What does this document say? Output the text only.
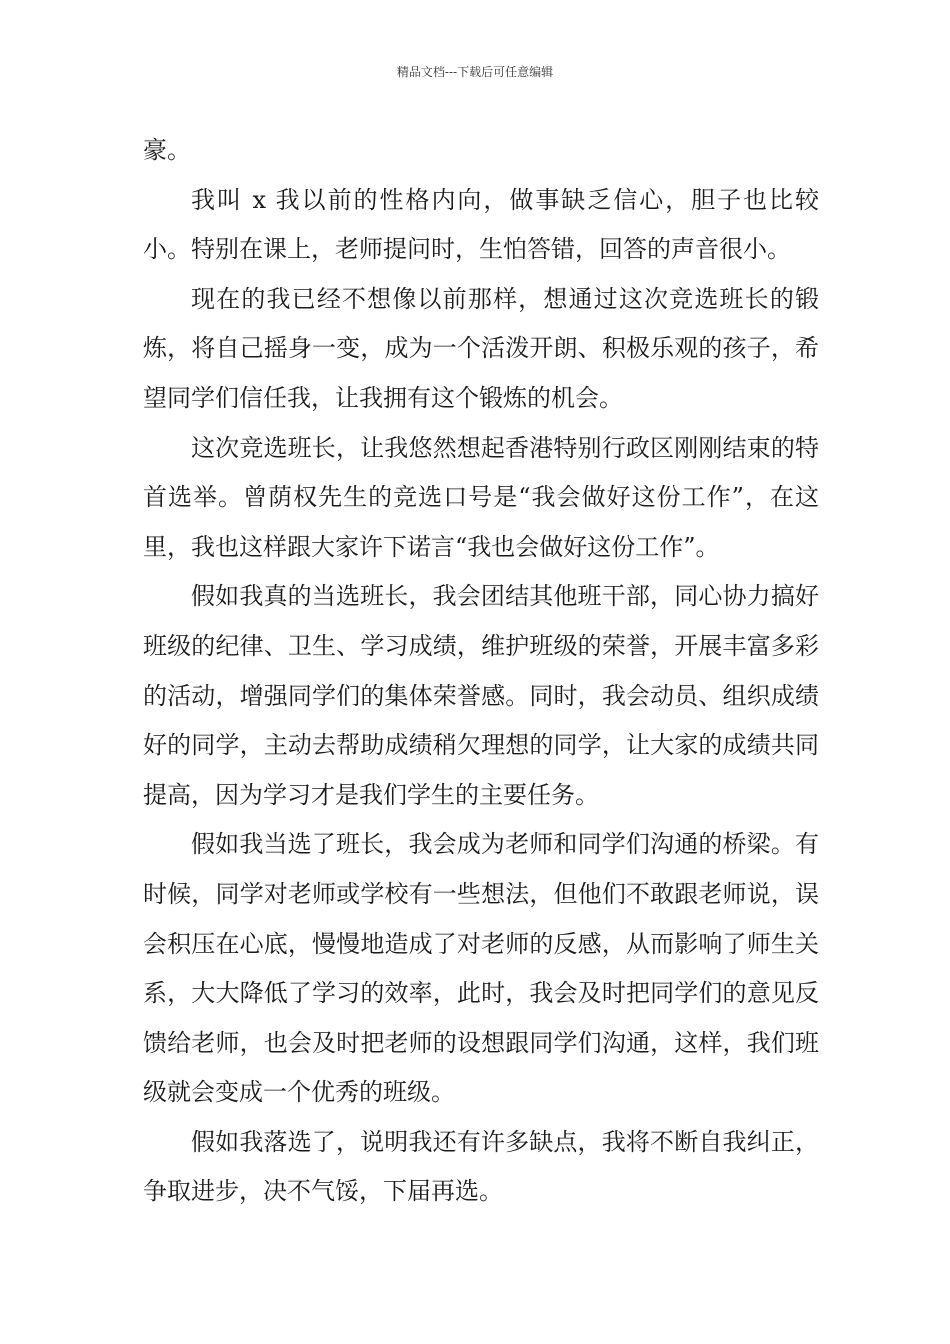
精品文档---下载后可任意编辑

豪。

我叫 x 我以前的性格内向，做事缺乏信心，胆子也比较小。特别在课上，老师提问时，生怕答错，回答的声音很小。

现在的我已经不想像以前那样，想通过这次竞选班长的锻炼，将自己摇身一变，成为一个活泼开朗、积极乐观的孩子，希望同学们信任我，让我拥有这个锻炼的机会。

这次竞选班长，让我悠然想起香港特别行政区刚刚结束的特首选举。曾荫权先生的竞选口号是“我会做好这份工作”，在这里，我也这样跟大家许下诺言“我也会做好这份工作”。

假如我真的当选班长，我会团结其他班干部，同心协力搞好班级的纪律、卫生、学习成绩，维护班级的荣誉，开展丰富多彩的活动，增强同学们的集体荣誉感。同时，我会动员、组织成绩好的同学，主动去帮助成绩稍欠理想的同学，让大家的成绩共同提高，因为学习才是我们学生的主要任务。

假如我当选了班长，我会成为老师和同学们沟通的桥梁。有时候，同学对老师或学校有一些想法，但他们不敢跟老师说，误会积压在心底，慢慢地造成了对老师的反感，从而影响了师生关系，大大降低了学习的效率，此时，我会及时把同学们的意见反馈给老师，也会及时把老师的设想跟同学们沟通，这样，我们班级就会变成一个优秀的班级。

假如我落选了，说明我还有许多缺点，我将不断自我纠正，争取进步，决不气馁，下届再选。
